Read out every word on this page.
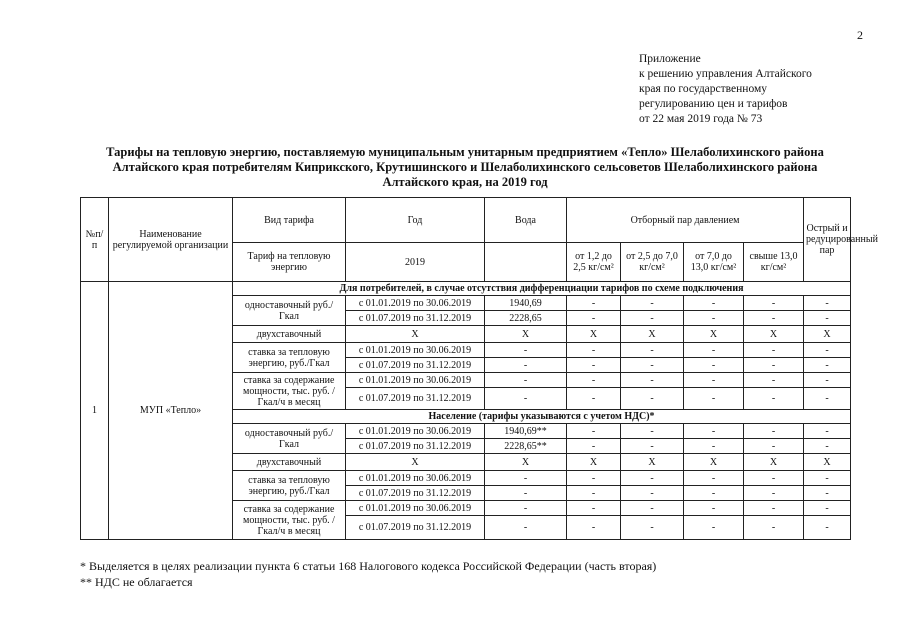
2
Приложение
к решению управления Алтайского
края по государственному
регулированию цен и тарифов
от 22 мая 2019 года № 73
Тарифы на тепловую энергию, поставляемую муниципальным унитарным предприятием «Тепло» Шелаболихинского района
Алтайского края потребителям Киприкского, Крутишинского и Шелаболихинского сельсоветов Шелаболихинского района
Алтайского края, на 2019 год
№п/п	Наименование регулируемой организации	Вид тарифа	Год	Вода	Отборный пар давлением				Острый и редуцированный пар
		Тариф на тепловую энергию	2019		от 1,2 до 2,5 кг/см²	от 2,5 до 7,0 кг/см²	от 7,0 до 13,0 кг/см²	свыше 13,0 кг/см²	
1	МУП «Тепло»	Для потребителей, в случае отсутствия дифференциации тарифов по схеме подключения							
		одноставочный руб./Гкал	с 01.01.2019 по 30.06.2019	1940,69	-	-	-	-	-
			с 01.07.2019 по 31.12.2019	2228,65	-	-	-	-	-
		двухставочный	X	X	X	X	X	X	X
		ставка за тепловую энергию, руб./Гкал	с 01.01.2019 по 30.06.2019	-	-	-	-	-	-
			с 01.07.2019 по 31.12.2019	-	-	-	-	-	-
		ставка за содержание мощности, тыс. руб. /Гкал/ч в месяц	с 01.01.2019 по 30.06.2019	-	-	-	-	-	-
			с 01.07.2019 по 31.12.2019	-	-	-	-	-	-
		Население (тарифы указываются с учетом НДС)*							
		одноставочный руб./Гкал	с 01.01.2019 по 30.06.2019	1940,69**	-	-	-	-	-
			с 01.07.2019 по 31.12.2019	2228,65**	-	-	-	-	-
		двухставочный	X	X	X	X	X	X	X
		ставка за тепловую энергию, руб./Гкал	с 01.01.2019 по 30.06.2019	-	-	-	-	-	-
			с 01.07.2019 по 31.12.2019	-	-	-	-	-	-
		ставка за содержание мощности, тыс. руб. /Гкал/ч в месяц	с 01.01.2019 по 30.06.2019	-	-	-	-	-	-
			с 01.07.2019 по 31.12.2019	-	-	-	-	-	-
* Выделяется в целях реализации пункта 6 статьи 168 Налогового кодекса Российской Федерации (часть вторая)
** НДС не облагается
